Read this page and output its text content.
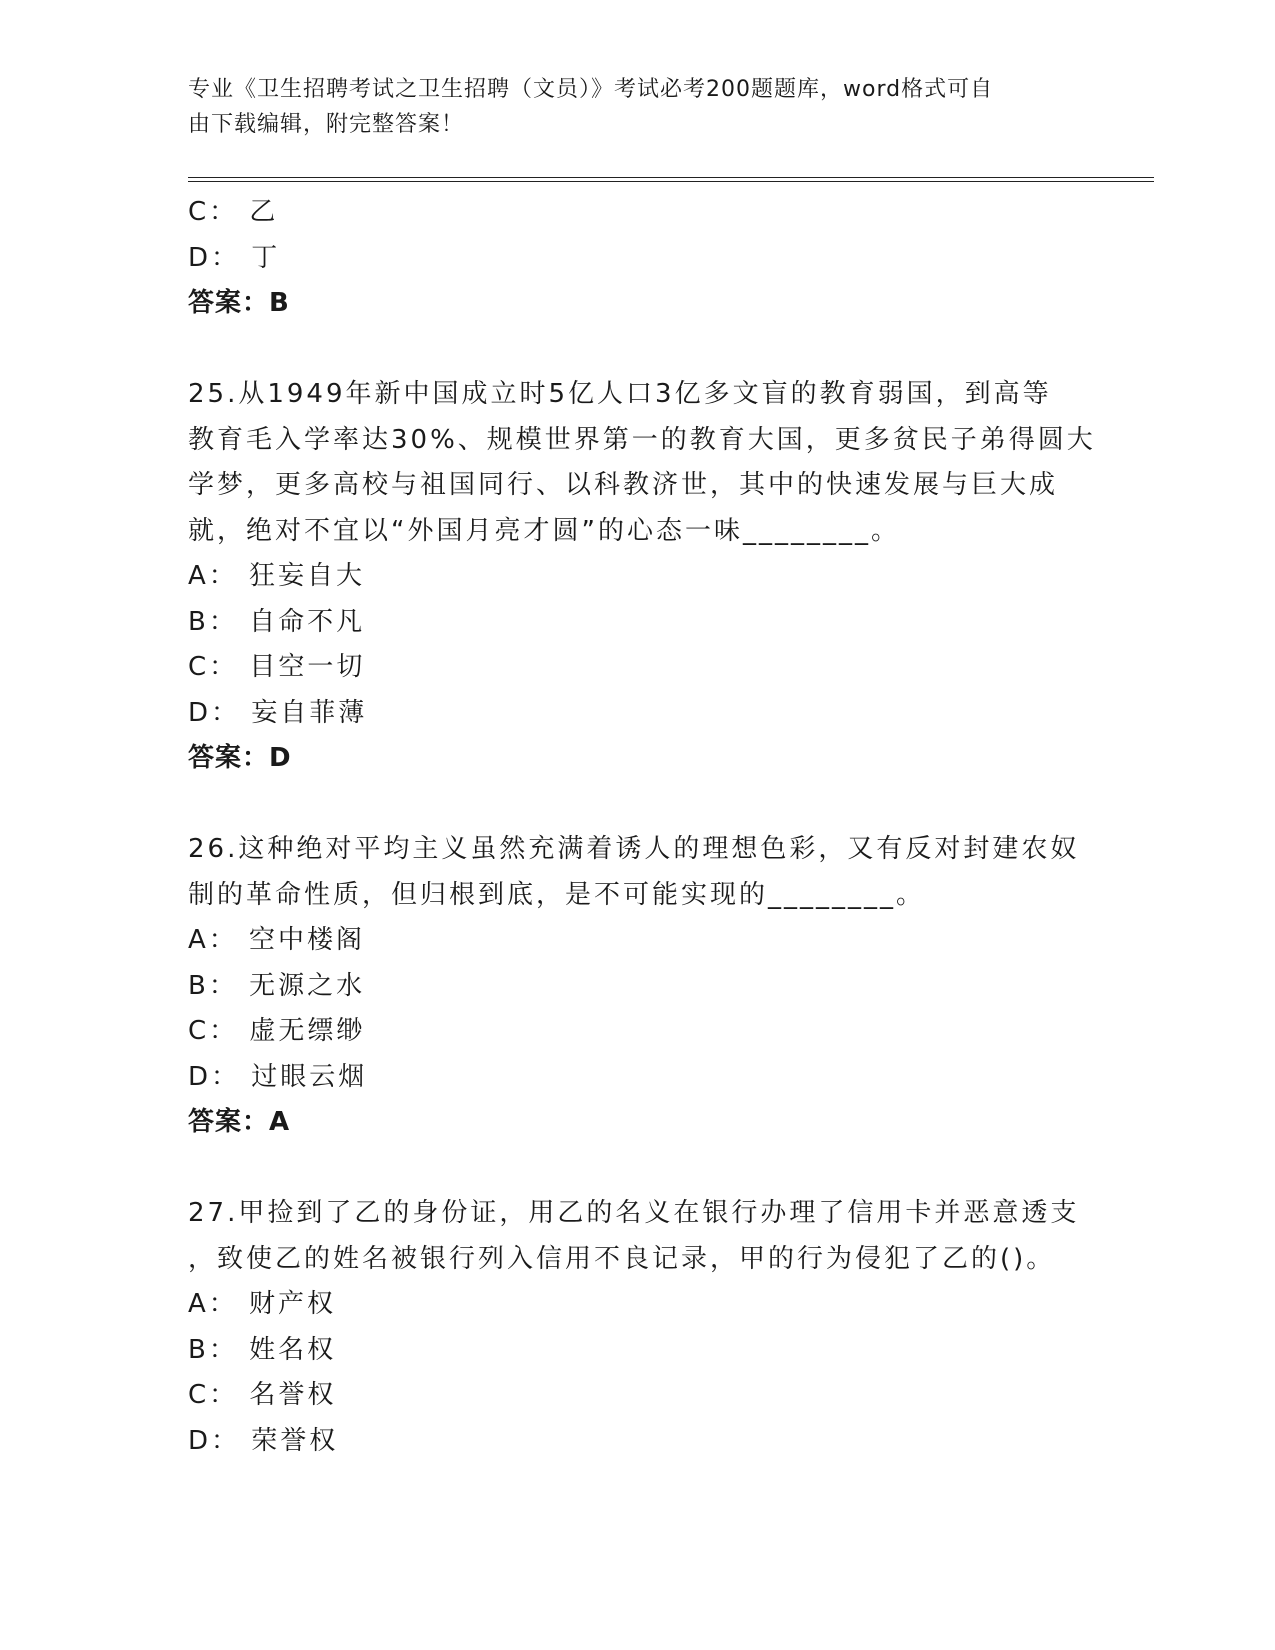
专业《卫生招聘考试之卫生招聘（文员）》考试必考200题题库，word格式可自
由下载编辑，附完整答案！
C： 乙
D： 丁
答案：B
25.从1949年新中国成立时5亿人口3亿多文盲的教育弱国，到高等
教育毛入学率达30%、规模世界第一的教育大国，更多贫民子弟得圆大
学梦，更多高校与祖国同行、以科教济世，其中的快速发展与巨大成
就，绝对不宜以“外国月亮才圆”的心态一味________。
A： 狂妄自大
B： 自命不凡
C： 目空一切
D： 妄自菲薄
答案：D
26.这种绝对平均主义虽然充满着诱人的理想色彩，又有反对封建农奴
制的革命性质，但归根到底，是不可能实现的________。
A： 空中楼阁
B： 无源之水
C： 虚无缥缈
D： 过眼云烟
答案：A
27.甲捡到了乙的身份证，用乙的名义在银行办理了信用卡并恶意透支
，致使乙的姓名被银行列入信用不良记录，甲的行为侵犯了乙的()。
A： 财产权
B： 姓名权
C： 名誉权
D： 荣誉权
